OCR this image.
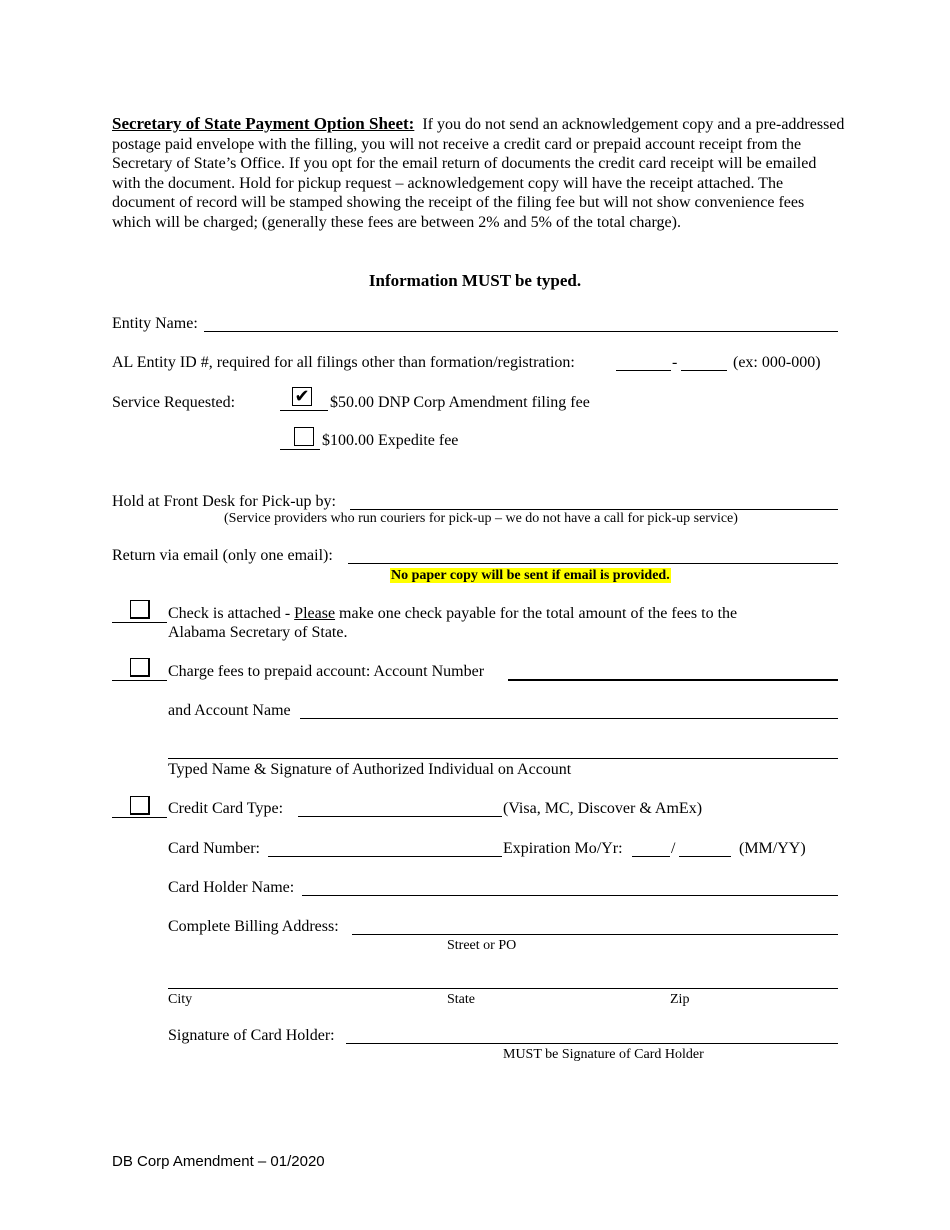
Secretary of State Payment Option Sheet: If you do not send an acknowledgement copy and a pre-addressed postage paid envelope with the filling, you will not receive a credit card or prepaid account receipt from the Secretary of State’s Office. If you opt for the email return of documents the credit card receipt will be emailed with the document. Hold for pickup request – acknowledgement copy will have the receipt attached. The document of record will be stamped showing the receipt of the filing fee but will not show convenience fees which will be charged; (generally these fees are between 2% and 5% of the total charge).
Information MUST be typed.
Entity Name:
AL Entity ID #, required for all filings other than formation/registration:	-	(ex: 000-000)
Service Requested:	✔ $50.00 DNP Corp Amendment filing fee
$100.00 Expedite fee
Hold at Front Desk for Pick-up by:
(Service providers who run couriers for pick-up – we do not have a call for pick-up service)
Return via email (only one email):
No paper copy will be sent if email is provided.
Check is attached - Please make one check payable for the total amount of the fees to the
Alabama Secretary of State.
Charge fees to prepaid account: Account Number
and Account Name
Typed Name & Signature of Authorized Individual on Account
Credit Card Type:	(Visa, MC, Discover & AmEx)
Card Number:	Expiration Mo/Yr:	/	(MM/YY)
Card Holder Name:
Complete Billing Address:
Street or PO
City	State	Zip
Signature of Card Holder:
MUST be Signature of Card Holder
DB Corp Amendment – 01/2020
